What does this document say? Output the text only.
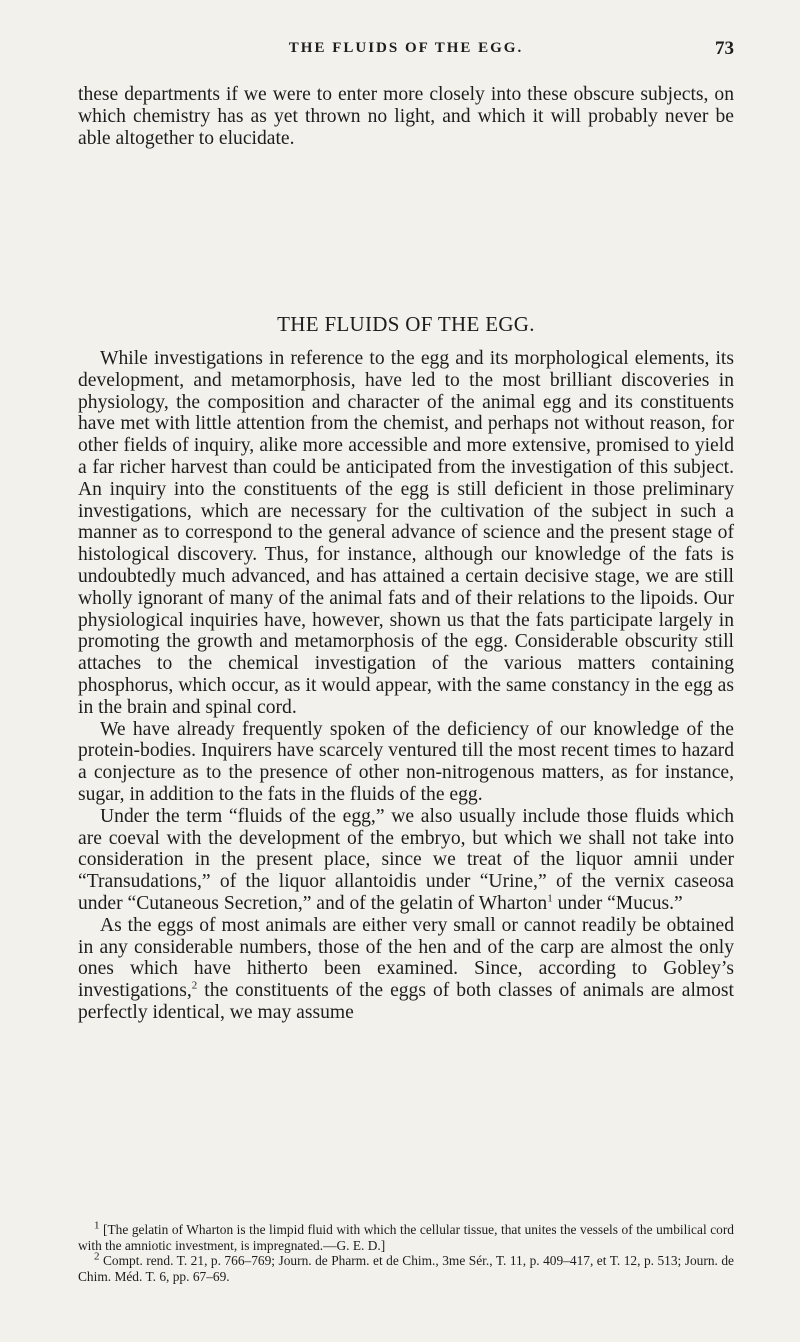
THE FLUIDS OF THE EGG.	73

these departments if we were to enter more closely into these obscure subjects, on which chemistry has as yet thrown no light, and which it will probably never be able altogether to elucidate.

THE FLUIDS OF THE EGG.

While investigations in reference to the egg and its morphological elements, its development, and metamorphosis, have led to the most brilliant discoveries in physiology, the composition and character of the animal egg and its constituents have met with little attention from the chemist, and perhaps not without reason, for other fields of inquiry, alike more accessible and more extensive, promised to yield a far richer harvest than could be anticipated from the investigation of this subject. An inquiry into the constituents of the egg is still deficient in those preliminary investigations, which are necessary for the cultivation of the subject in such a manner as to correspond to the general advance of science and the present stage of histological discovery. Thus, for instance, although our knowledge of the fats is undoubtedly much advanced, and has attained a certain decisive stage, we are still wholly ignorant of many of the animal fats and of their relations to the lipoids. Our physiological inquiries have, however, shown us that the fats participate largely in promoting the growth and metamorphosis of the egg. Considerable obscurity still attaches to the chemical investigation of the various matters containing phosphorus, which occur, as it would appear, with the same constancy in the egg as in the brain and spinal cord.

We have already frequently spoken of the deficiency of our knowledge of the protein-bodies. Inquirers have scarcely ventured till the most recent times to hazard a conjecture as to the presence of other non-nitrogenous matters, as for instance, sugar, in addition to the fats in the fluids of the egg.

Under the term “fluids of the egg,” we also usually include those fluids which are coeval with the development of the embryo, but which we shall not take into consideration in the present place, since we treat of the liquor amnii under “Transudations,” of the liquor allantoidis under “Urine,” of the vernix caseosa under “Cutaneous Secretion,” and of the gelatin of Wharton$^1$ under “Mucus.”

As the eggs of most animals are either very small or cannot readily be obtained in any considerable numbers, those of the hen and of the carp are almost the only ones which have hitherto been examined. Since, according to Gobley’s investigations,$^2$ the constituents of the eggs of both classes of animals are almost perfectly identical, we may assume

$^1$ [The gelatin of Wharton is the limpid fluid with which the cellular tissue, that unites the vessels of the umbilical cord with the amniotic investment, is impregnated.—G. E. D.]

$^2$ Compt. rend. T. 21, p. 766–769; Journ. de Pharm. et de Chim., 3me Sér., T. 11, p. 409–417, et T. 12, p. 513; Journ. de Chim. Méd. T. 6, pp. 67–69.
